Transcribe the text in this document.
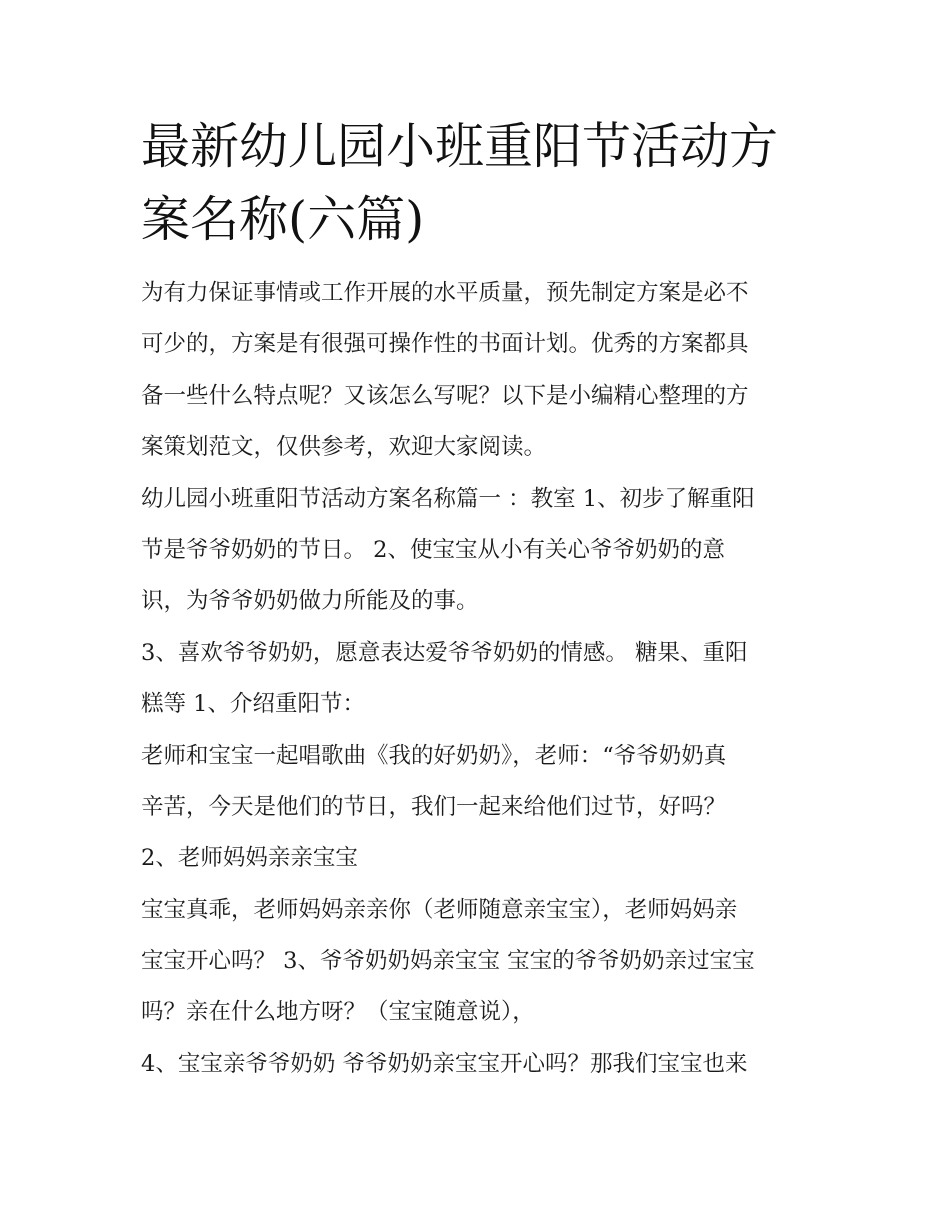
最新幼儿园小班重阳节活动方
案名称(六篇)
为有力保证事情或工作开展的水平质量，预先制定方案是必不
可少的，方案是有很强可操作性的书面计划。优秀的方案都具
备一些什么特点呢？又该怎么写呢？以下是小编精心整理的方
案策划范文，仅供参考，欢迎大家阅读。
幼儿园小班重阳节活动方案名称篇一 ：教室 1、初步了解重阳
节是爷爷奶奶的节日。 2、使宝宝从小有关心爷爷奶奶的意
识，为爷爷奶奶做力所能及的事。
3、喜欢爷爷奶奶，愿意表达爱爷爷奶奶的情感。 糖果、重阳
糕等 1、介绍重阳节：
老师和宝宝一起唱歌曲《我的好奶奶》，老师：“爷爷奶奶真
辛苦，今天是他们的节日，我们一起来给他们过节，好吗？
2、老师妈妈亲亲宝宝
宝宝真乖，老师妈妈亲亲你（老师随意亲宝宝），老师妈妈亲
宝宝开心吗？ 3、爷爷奶奶妈亲宝宝 宝宝的爷爷奶奶亲过宝宝
吗？亲在什么地方呀？（宝宝随意说），
4、宝宝亲爷爷奶奶 爷爷奶奶亲宝宝开心吗？那我们宝宝也来
